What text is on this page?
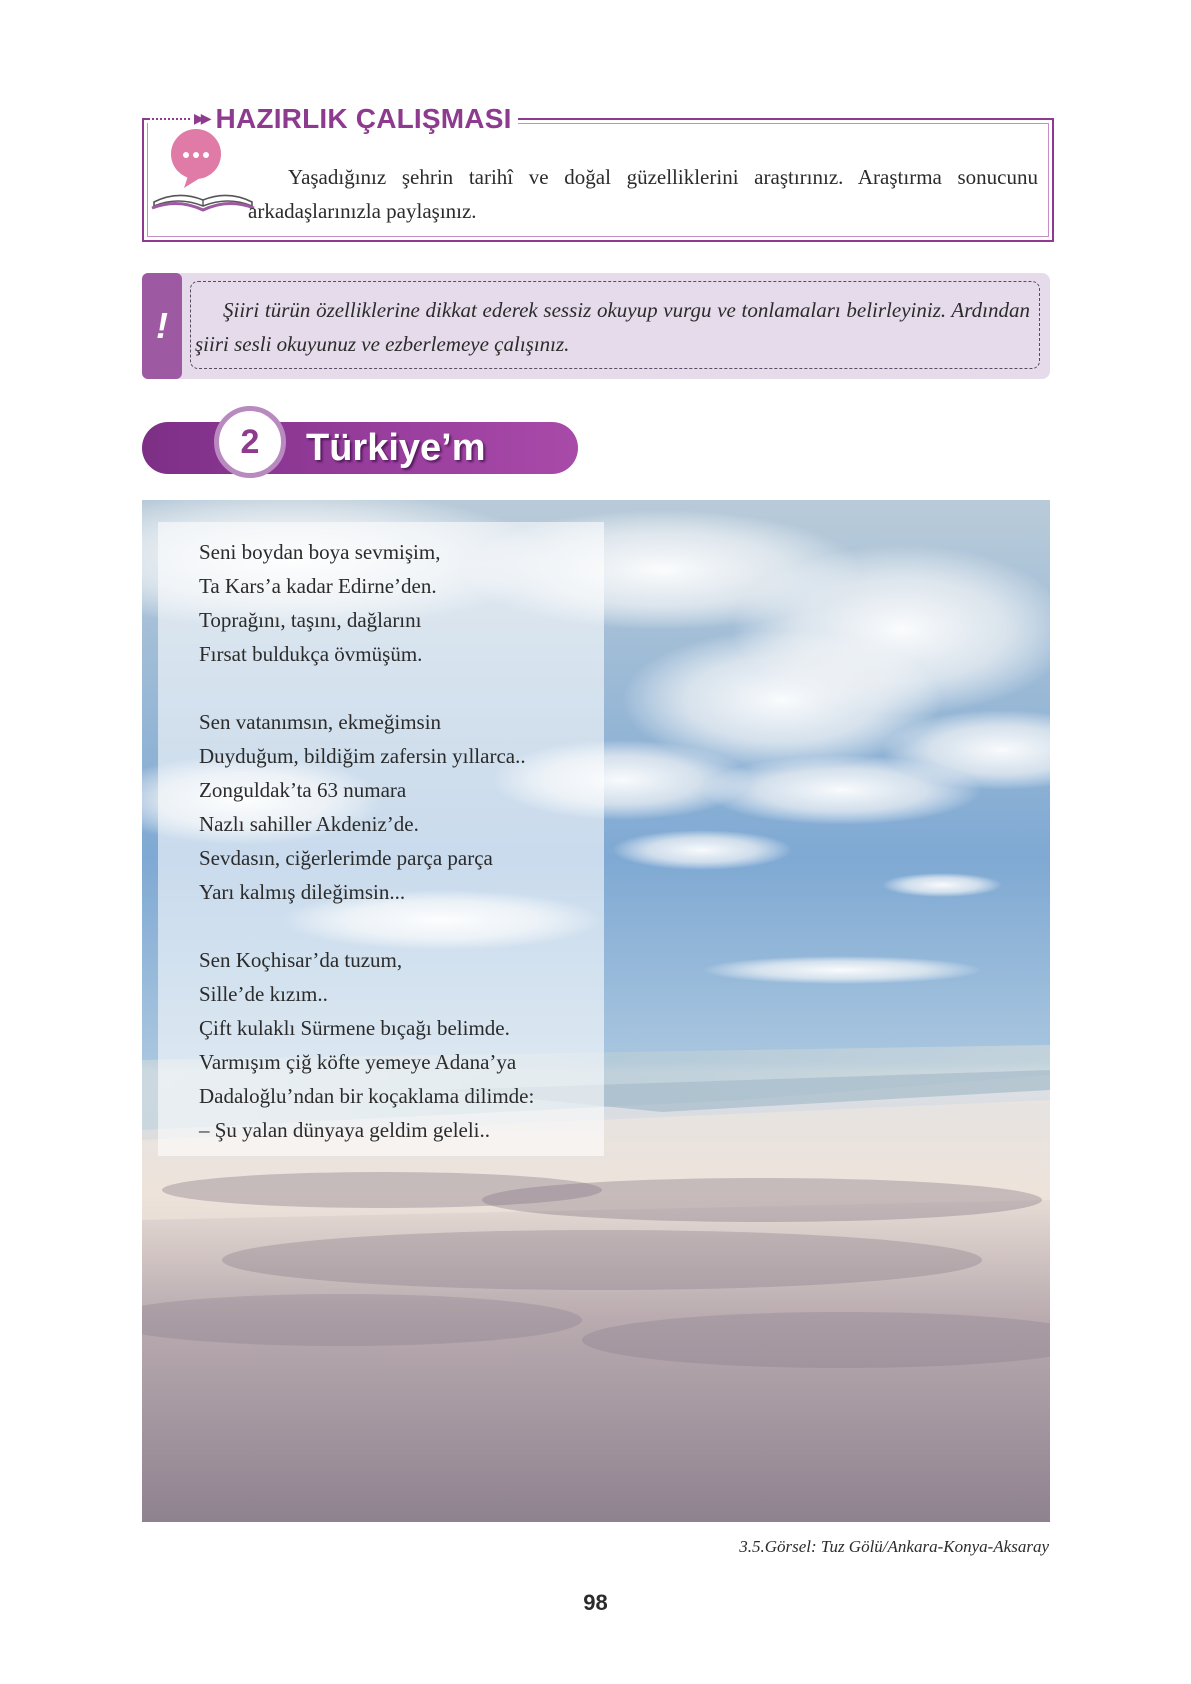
▶▶ HAZIRLIK ÇALIŞMASI
Yaşadığınız şehrin tarihî ve doğal güzelliklerini araştırınız. Araştırma sonucunu arkadaşlarınızla paylaşınız.
!	Şiiri türün özelliklerine dikkat ederek sessiz okuyup vurgu ve tonlamaları belirleyiniz. Ardından şiiri sesli okuyunuz ve ezberlemeye çalışınız.
2 Türkiye’m
Seni boydan boya sevmişim,
Ta Kars’a kadar Edirne’den.
Toprağını, taşını, dağlarını
Fırsat buldukça övmüşüm.
Sen vatanımsın, ekmeğimsin
Duyduğum, bildiğim zafersin yıllarca..
Zonguldak’ta 63 numara
Nazlı sahiller Akdeniz’de.
Sevdasın, ciğerlerimde parça parça
Yarı kalmış dileğimsin...
Sen Koçhisar’da tuzum,
Sille’de kızım..
Çift kulaklı Sürmene bıçağı belimde.
Varmışım çiğ köfte yemeye Adana’ya
Dadaloğlu’ndan bir koçaklama dilimde:
– Şu yalan dünyaya geldim geleli..
3.5.Görsel: Tuz Gölü/Ankara-Konya-Aksaray
98
